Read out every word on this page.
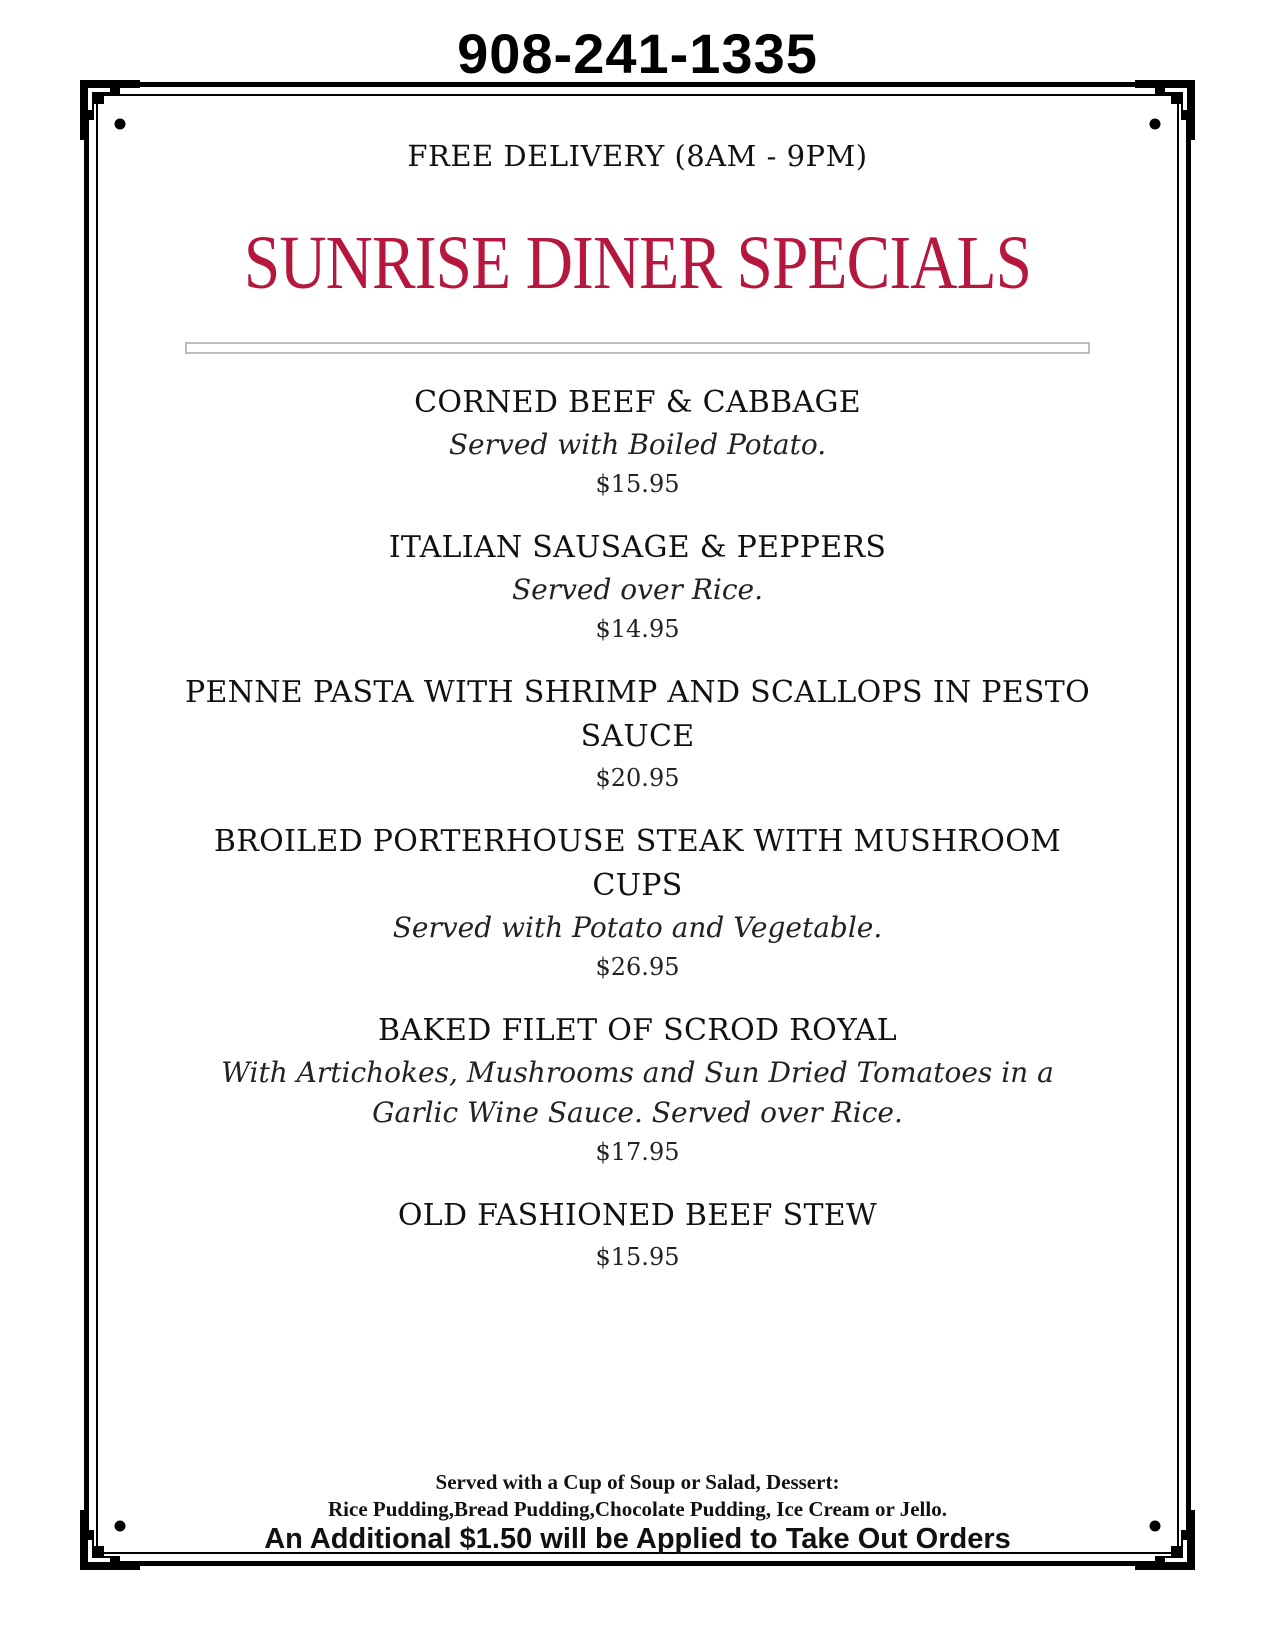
908-241-1335
FREE DELIVERY (8AM - 9PM)
SUNRISE DINER SPECIALS
CORNED BEEF & CABBAGE
Served with Boiled Potato.
$15.95
ITALIAN SAUSAGE & PEPPERS
Served over Rice.
$14.95
PENNE PASTA WITH SHRIMP AND SCALLOPS IN PESTO SAUCE
$20.95
BROILED PORTERHOUSE STEAK WITH MUSHROOM CUPS
Served with Potato and Vegetable.
$26.95
BAKED FILET OF SCROD ROYAL
With Artichokes, Mushrooms and Sun Dried Tomatoes in a Garlic Wine Sauce. Served over Rice.
$17.95
OLD FASHIONED BEEF STEW
$15.95
Served with a Cup of Soup or Salad, Dessert:
Rice Pudding,Bread Pudding,Chocolate Pudding, Ice Cream or Jello.
An Additional $1.50 will be Applied to Take Out Orders
